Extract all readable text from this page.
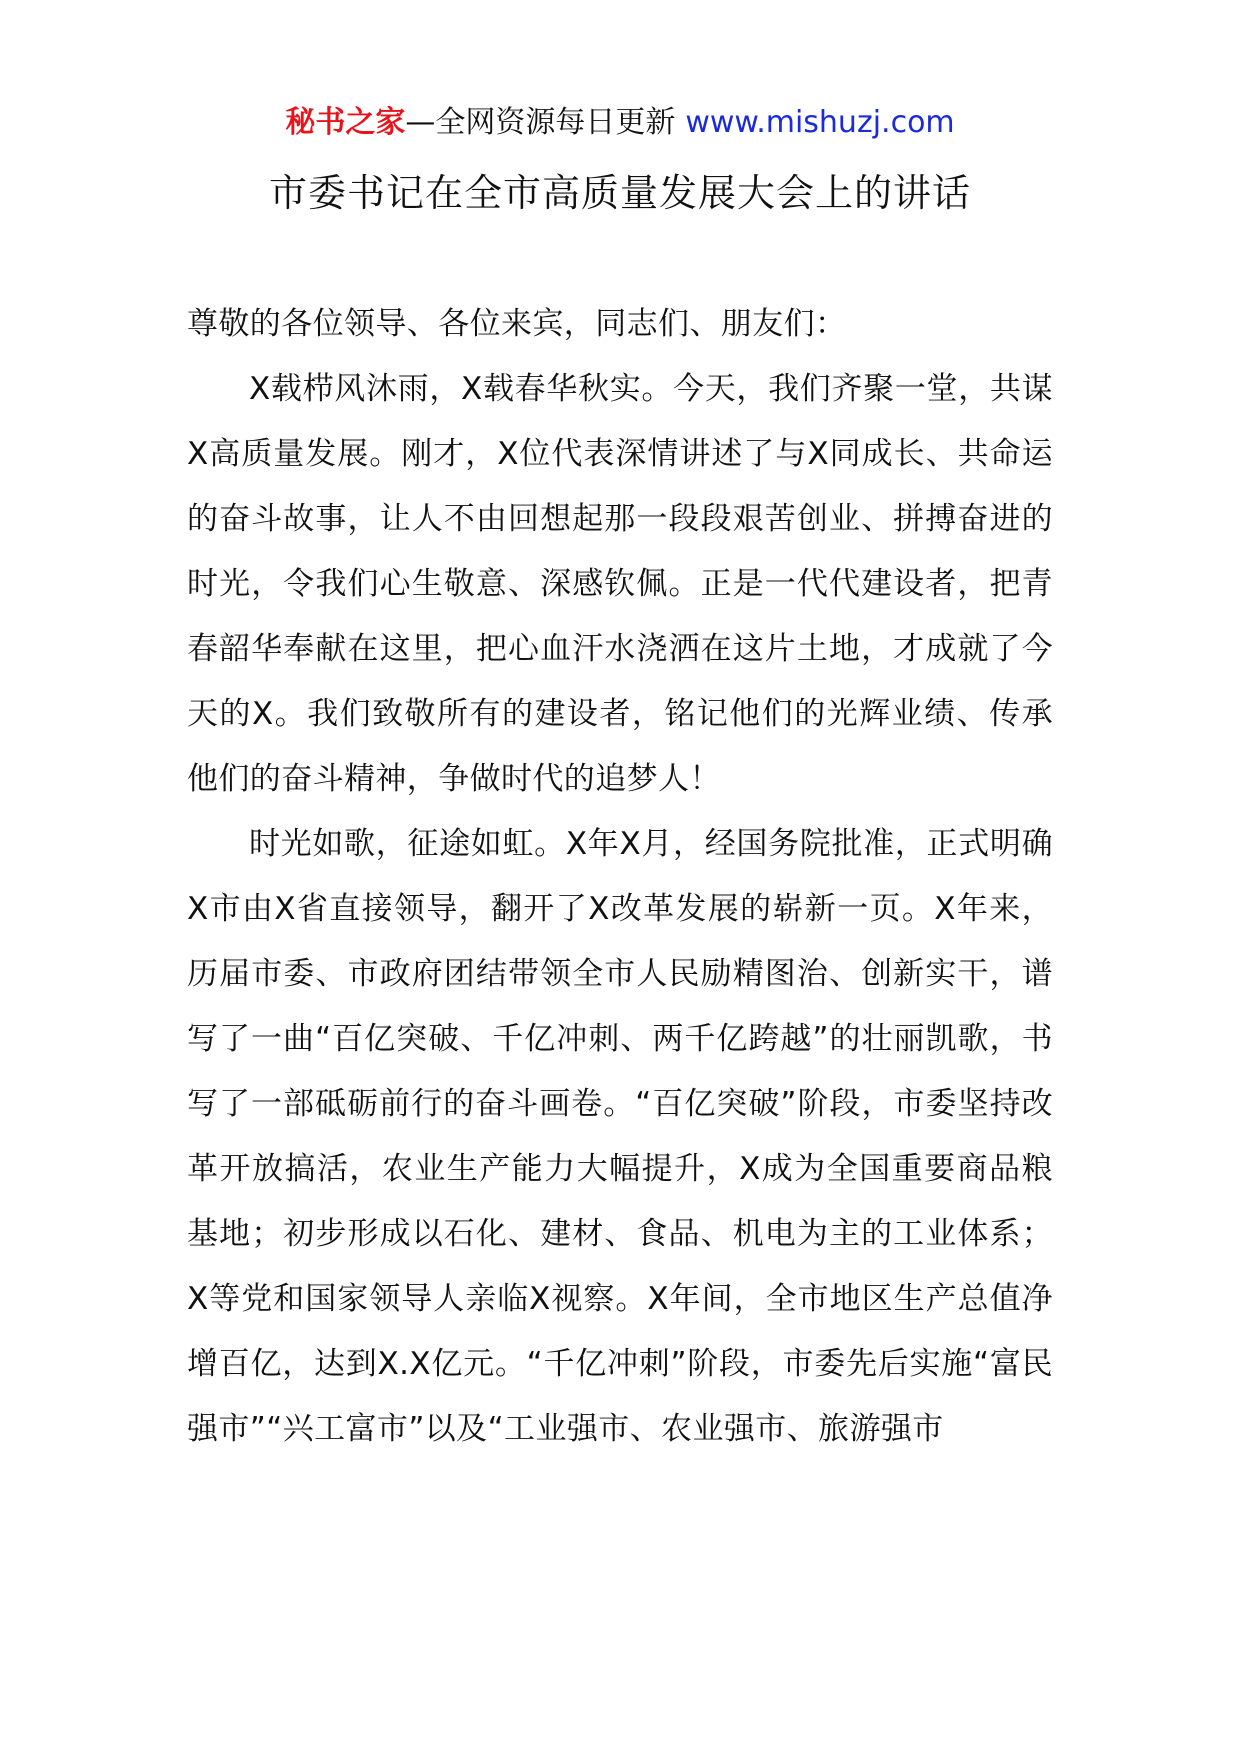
秘书之家—全网资源每日更新 www.mishuzj.com
市委书记在全市高质量发展大会上的讲话

尊敬的各位领导、各位来宾，同志们、朋友们：

X载栉风沐雨，X载春华秋实。今天，我们齐聚一堂，共谋X高质量发展。刚才，X位代表深情讲述了与X同成长、共命运的奋斗故事，让人不由回想起那一段段艰苦创业、拼搏奋进的时光，令我们心生敬意、深感钦佩。正是一代代建设者，把青春韶华奉献在这里，把心血汗水浇洒在这片土地，才成就了今天的X。我们致敬所有的建设者，铭记他们的光辉业绩、传承他们的奋斗精神，争做时代的追梦人！

时光如歌，征途如虹。X年X月，经国务院批准，正式明确X市由X省直接领导，翻开了X改革发展的崭新一页。X年来，历届市委、市政府团结带领全市人民励精图治、创新实干，谱写了一曲“百亿突破、千亿冲刺、两千亿跨越”的壮丽凯歌，书写了一部砥砺前行的奋斗画卷。“百亿突破”阶段，市委坚持改革开放搞活，农业生产能力大幅提升，X成为全国重要商品粮基地；初步形成以石化、建材、食品、机电为主的工业体系；X等党和国家领导人亲临X视察。X年间，全市地区生产总值净增百亿，达到X.X亿元。“千亿冲刺”阶段，市委先后实施“富民强市”“兴工富市”以及“工业强市、农业强市、旅游强市
